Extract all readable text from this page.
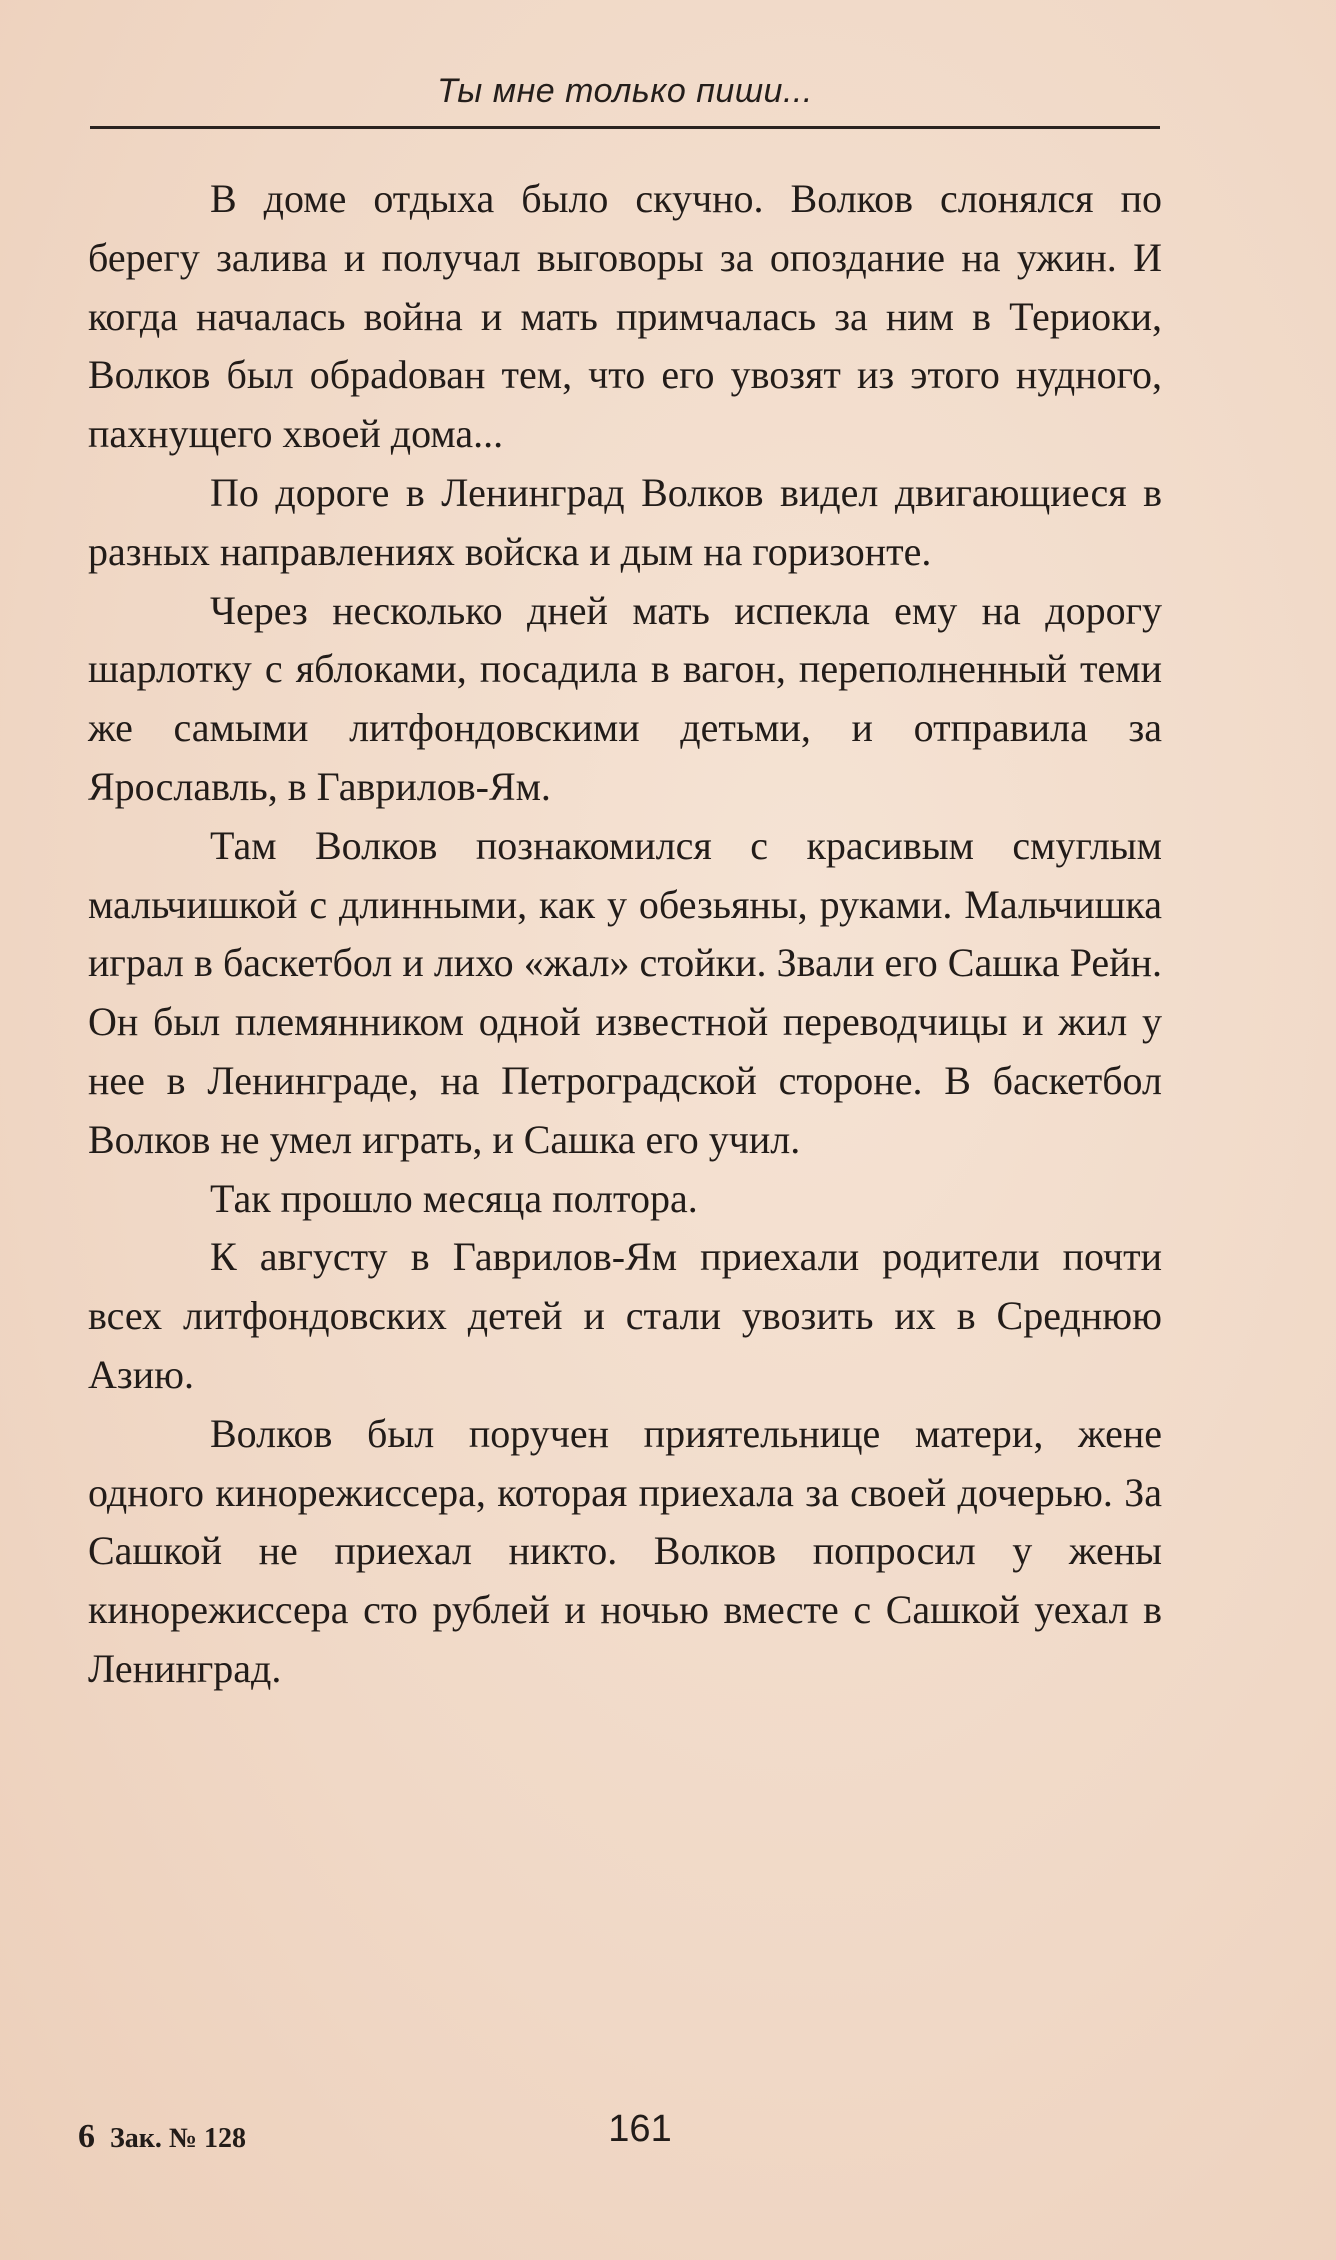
Ты мне только пиши...

В доме отдыха было скучно. Волков слонялся по берегу залива и получал выговоры за опоздание на ужин. И когда началась война и мать примчалась за ним в Териоки, Волков был обраdован тем, что его увозят из этого нудного, пахнущего хвоей дома...

По дороге в Ленинград Волков видел двигающиеся в разных направлениях войска и дым на горизонте.

Через несколько дней мать испекла ему на дорогу шарлотку с яблоками, посадила в вагон, переполненный теми же самыми литфондовскими детьми, и отправила за Ярославль, в Гаврилов-Ям.

Там Волков познакомился с красивым смуглым мальчишкой с длинными, как у обезьяны, руками. Мальчишка играл в баскетбол и лихо «жал» стойки. Звали его Сашка Рейн. Он был племянником одной известной переводчицы и жил у нее в Ленинграде, на Петроградской стороне. В баскетбол Волков не умел играть, и Сашка его учил.

Так прошло месяца полтора.

К августу в Гаврилов-Ям приехали родители почти всех литфондовских детей и стали увозить их в Среднюю Азию.

Волков был поручен приятельнице матери, жене одного кинорежиссера, которая приехала за своей дочерью. За Сашкой не приехал никто. Волков попросил у жены кинорежиссера сто рублей и ночью вместе с Сашкой уехал в Ленинград.

6 Зак. № 128	161
